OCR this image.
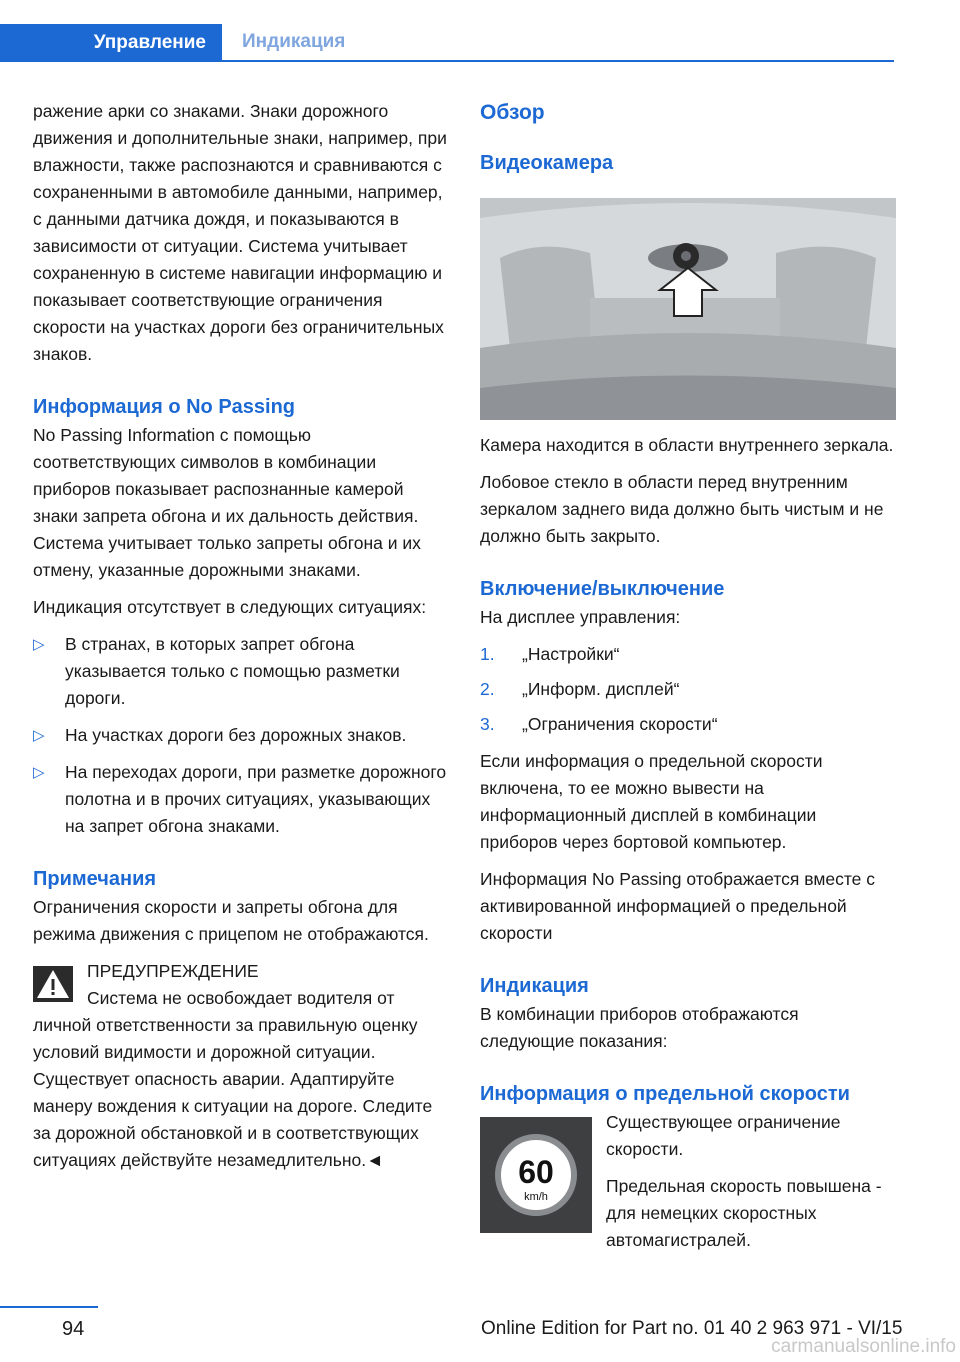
Управление	Индикация

ражение арки со знаками. Знаки дорожного движения и дополнительные знаки, например, при влажности, также распознаются и сравниваются с сохраненными в автомобиле данными, например, с данными датчика дождя, и показываются в зависимости от ситуации. Система учитывает сохраненную в системе навигации информацию и показывает соответствующие ограничения скорости на участках дороги без ограничительных знаков.

Информация о No Passing

No Passing Information с помощью соответствующих символов в комбинации приборов показывает распознанные камерой знаки запрета обгона и их дальность действия. Система учитывает только запреты обгона и их отмену, указанные дорожными знаками.

Индикация отсутствует в следующих ситуациях:

▷ В странах, в которых запрет обгона указывается только с помощью разметки дороги.
▷ На участках дороги без дорожных знаков.
▷ На переходах дороги, при разметке дорожного полотна и в прочих ситуациях, указывающих на запрет обгона знаками.
Примечания

Ограничения скорости и запреты обгона для режима движения с прицепом не отображаются.

ПРЕДУПРЕЖДЕНИЕ
Система не освобождает водителя от личной ответственности за правильную оценку условий видимости и дорожной ситуации. Существует опасность аварии. Адаптируйте манеру вождения к ситуации на дороге. Следите за дорожной обстановкой и в соответствующих ситуациях действуйте незамедлительно.◄
Обзор
Видеокамера

Камера находится в области внутреннего зеркала.

Лобовое стекло в области перед внутренним зеркалом заднего вида должно быть чистым и не должно быть закрыто.

Включение/выключение

На дисплее управления:

1. „Настройки“
2. „Информ. дисплей“
3. „Ограничения скорости“

Если информация о предельной скорости включена, то ее можно вывести на информационный дисплей в комбинации приборов через бортовой компьютер.

Информация No Passing отображается вместе с активированной информацией о предельной скорости

Индикация

В комбинации приборов отображаются следующие показания:

Информация о предельной скорости
60
km/h

Существующее ограничение скорости.

Предельная скорость повышена - для немецких скоростных автомагистралей.

94	Online Edition for Part no. 01 40 2 963 971 - VI/15
carmanualsonline.info
